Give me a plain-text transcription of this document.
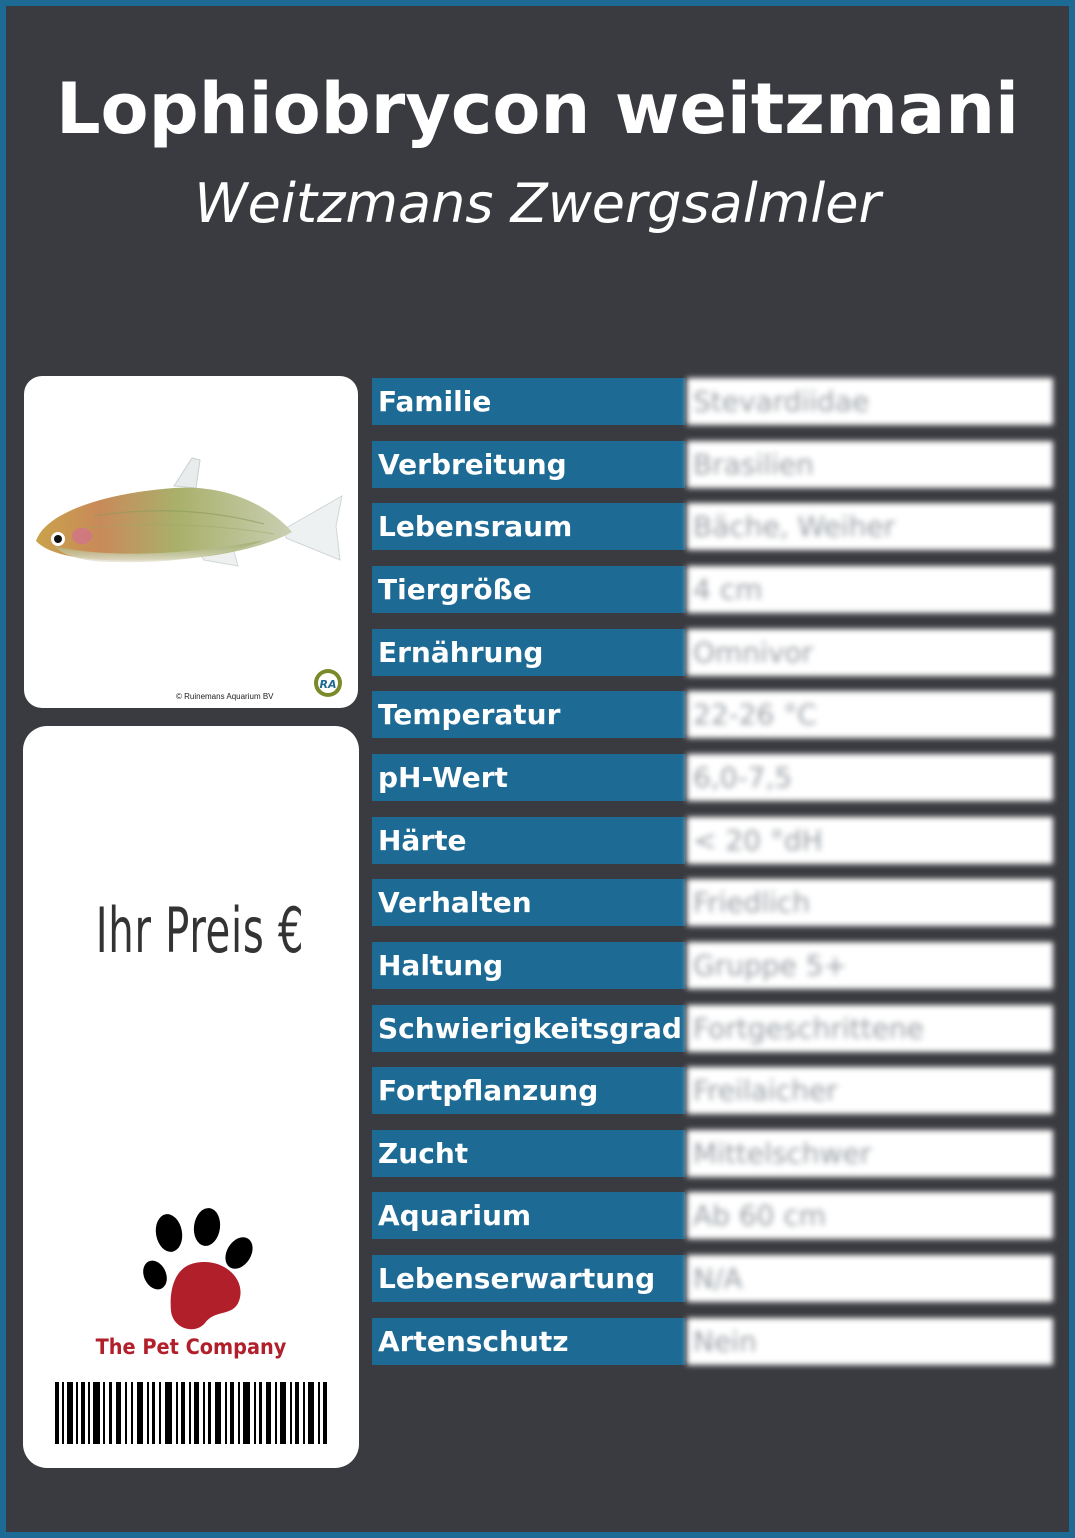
Lophiobrycon weitzmani
Weitzmans Zwergsalmler
RA
© Ruinemans Aquarium BV
Ihr Preis €
The Pet Company
Familie	Stevardiidae
Verbreitung	Brasilien
Lebensraum	Bäche, Weiher
Tiergröße	4 cm
Ernährung	Omnivor
Temperatur	22-26 °C
pH-Wert	6,0-7,5
Härte	< 20 °dH
Verhalten	Friedlich
Haltung	Gruppe 5+
Schwierigkeitsgrad Fortgeschrittene
Fortpflanzung	Freilaicher
Zucht	Mittelschwer
Aquarium	Ab 60 cm
Lebenserwartung	N/A
Artenschutz	Nein
